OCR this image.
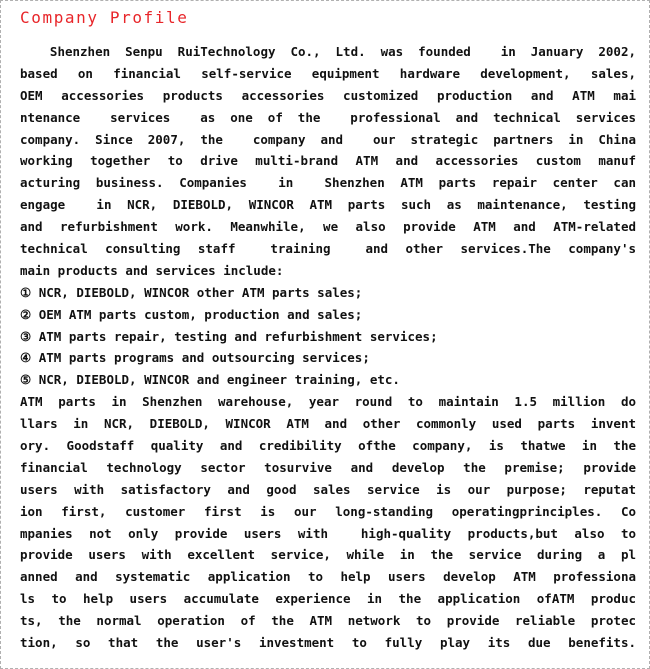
Company Profile
Shenzhen Senpu RuiTechnology Co., Ltd. was founded  in January 2002,
based on financial self-service equipment hardware development, sales,
OEM accessories products accessories customized production and ATM mai
ntenance  services  as one of the  professional and technical services
company. Since 2007, the  company and  our strategic partners in China
working together to drive multi-brand ATM and accessories custom manuf
acturing business. Companies  in  Shenzhen ATM parts repair center can
engage  in NCR, DIEBOLD, WINCOR ATM parts such as maintenance, testing
and refurbishment work. Meanwhile, we also provide ATM and ATM-related
technical consulting staff  training  and other services.The company's
main products and services include:
① NCR, DIEBOLD, WINCOR other ATM parts sales;
② OEM ATM parts custom, production and sales;
③ ATM parts repair, testing and refurbishment services;
④ ATM parts programs and outsourcing services;
⑤ NCR, DIEBOLD, WINCOR and engineer training, etc.
ATM parts in Shenzhen warehouse, year round to maintain 1.5 million do
llars in NCR, DIEBOLD, WINCOR ATM and other commonly used parts invent
ory. Goodstaff quality and credibility ofthe company, is thatwe in the
financial technology sector tosurvive and develop the premise; provide
users with satisfactory and good sales service is our purpose; reputat
ion first, customer first is our long-standing operatingprinciples. Co
mpanies not only provide users with  high-quality products,but also to
provide users with excellent service, while in the service during a pl
anned and systematic application to help users develop ATM professiona
ls to help users accumulate experience in the application ofATM produc
ts, the normal operation of the ATM network to provide reliable protec
tion, so that the user's investment to fully play its due benefits.
